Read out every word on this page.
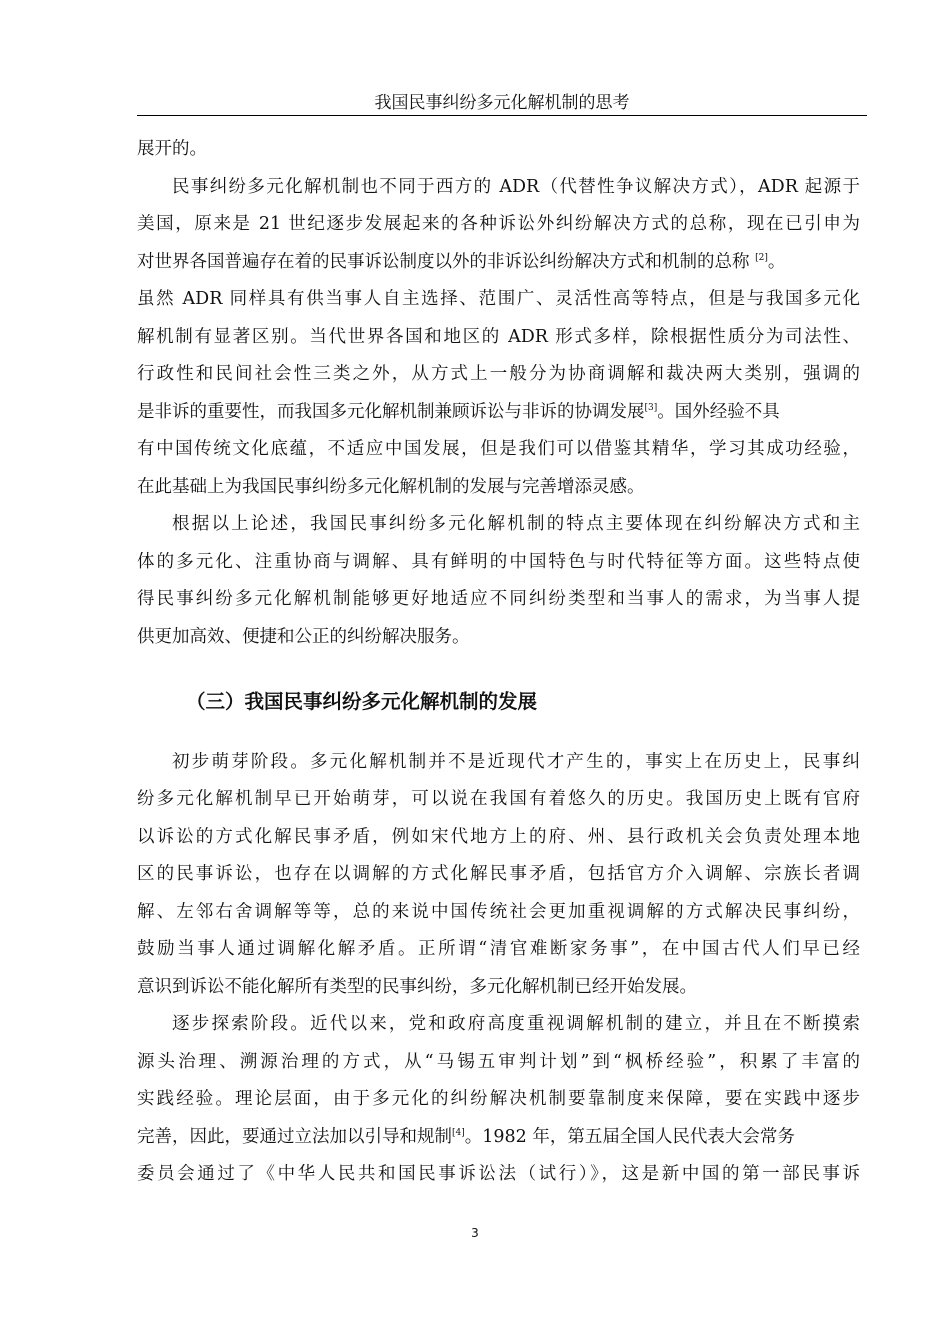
我国民事纠纷多元化解机制的思考
展开的。
民事纠纷多元化解机制也不同于西方的 ADR（代替性争议解决方式），ADR 起源于
美国，原来是 21 世纪逐步发展起来的各种诉讼外纠纷解决方式的总称，现在已引申为
对世界各国普遍存在着的民事诉讼制度以外的非诉讼纠纷解决方式和机制的总称 [2]。
虽然 ADR 同样具有供当事人自主选择、范围广、灵活性高等特点，但是与我国多元化
解机制有显著区别。当代世界各国和地区的 ADR 形式多样，除根据性质分为司法性、
行政性和民间社会性三类之外，从方式上一般分为协商调解和裁决两大类别，强调的
是非诉的重要性，而我国多元化解机制兼顾诉讼与非诉的协调发展[3]。国外经验不具
有中国传统文化底蕴，不适应中国发展，但是我们可以借鉴其精华，学习其成功经验，
在此基础上为我国民事纠纷多元化解机制的发展与完善增添灵感。
根据以上论述，我国民事纠纷多元化解机制的特点主要体现在纠纷解决方式和主
体的多元化、注重协商与调解、具有鲜明的中国特色与时代特征等方面。这些特点使
得民事纠纷多元化解机制能够更好地适应不同纠纷类型和当事人的需求，为当事人提
供更加高效、便捷和公正的纠纷解决服务。
（三）我国民事纠纷多元化解机制的发展
初步萌芽阶段。多元化解机制并不是近现代才产生的，事实上在历史上，民事纠
纷多元化解机制早已开始萌芽，可以说在我国有着悠久的历史。我国历史上既有官府
以诉讼的方式化解民事矛盾，例如宋代地方上的府、州、县行政机关会负责处理本地
区的民事诉讼，也存在以调解的方式化解民事矛盾，包括官方介入调解、宗族长者调
解、左邻右舍调解等等，总的来说中国传统社会更加重视调解的方式解决民事纠纷，
鼓励当事人通过调解化解矛盾。正所谓“清官难断家务事”，在中国古代人们早已经
意识到诉讼不能化解所有类型的民事纠纷，多元化解机制已经开始发展。
逐步探索阶段。近代以来，党和政府高度重视调解机制的建立，并且在不断摸索
源头治理、溯源治理的方式，从“马锡五审判计划”到“枫桥经验”，积累了丰富的
实践经验。理论层面，由于多元化的纠纷解决机制要靠制度来保障，要在实践中逐步
完善，因此，要通过立法加以引导和规制[4]。1982 年，第五届全国人民代表大会常务
委员会通过了《中华人民共和国民事诉讼法（试行）》，这是新中国的第一部民事诉
3
